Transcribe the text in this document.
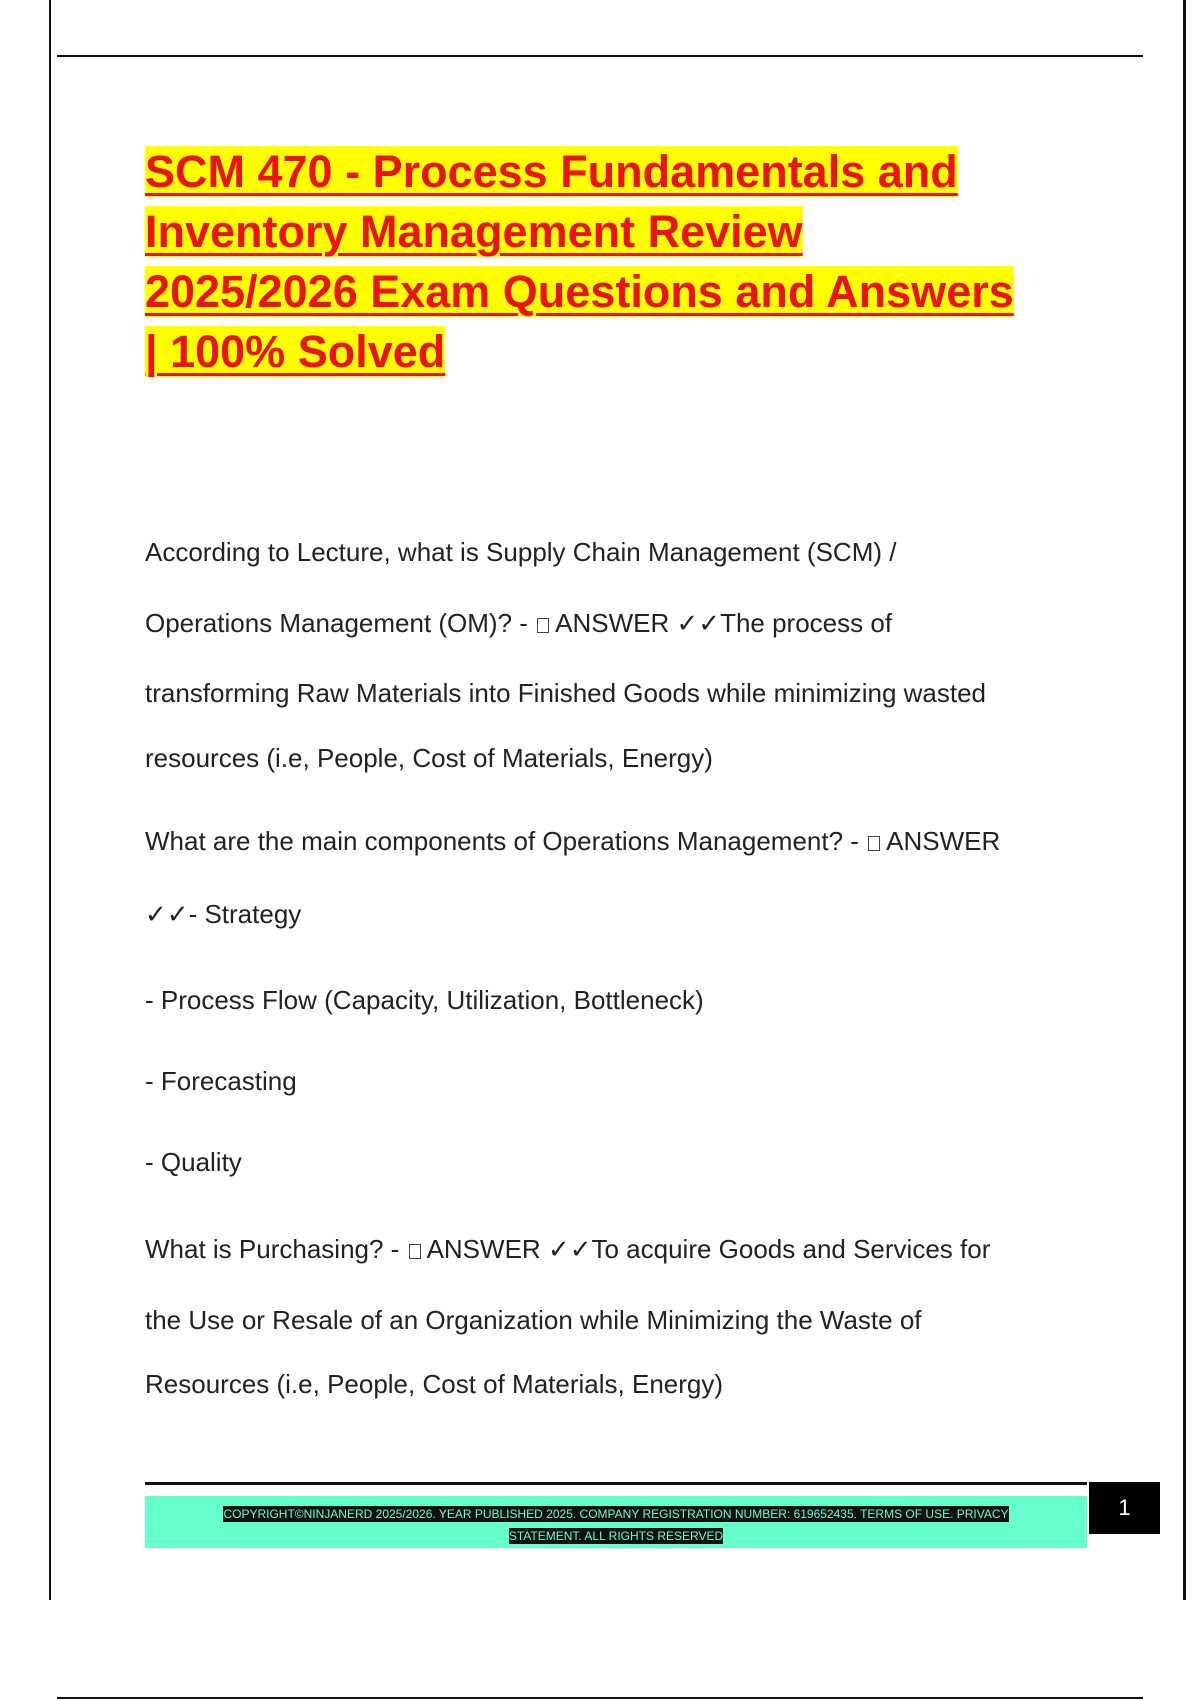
SCM 470 - Process Fundamentals and
Inventory Management Review
2025/2026 Exam Questions and Answers
| 100% Solved
According to Lecture, what is Supply Chain Management (SCM) /
Operations Management (OM)? - ANSWER ✓✓The process of
transforming Raw Materials into Finished Goods while minimizing wasted
resources (i.e, People, Cost of Materials, Energy)
What are the main components of Operations Management? - ANSWER
✓✓- Strategy
- Process Flow (Capacity, Utilization, Bottleneck)
- Forecasting
- Quality
What is Purchasing? - ANSWER ✓✓To acquire Goods and Services for
the Use or Resale of an Organization while Minimizing the Waste of
Resources (i.e, People, Cost of Materials, Energy)
COPYRIGHT©NINJANERD 2025/2026. YEAR PUBLISHED 2025. COMPANY REGISTRATION NUMBER: 619652435. TERMS OF USE. PRIVACY
STATEMENT. ALL RIGHTS RESERVED
1
